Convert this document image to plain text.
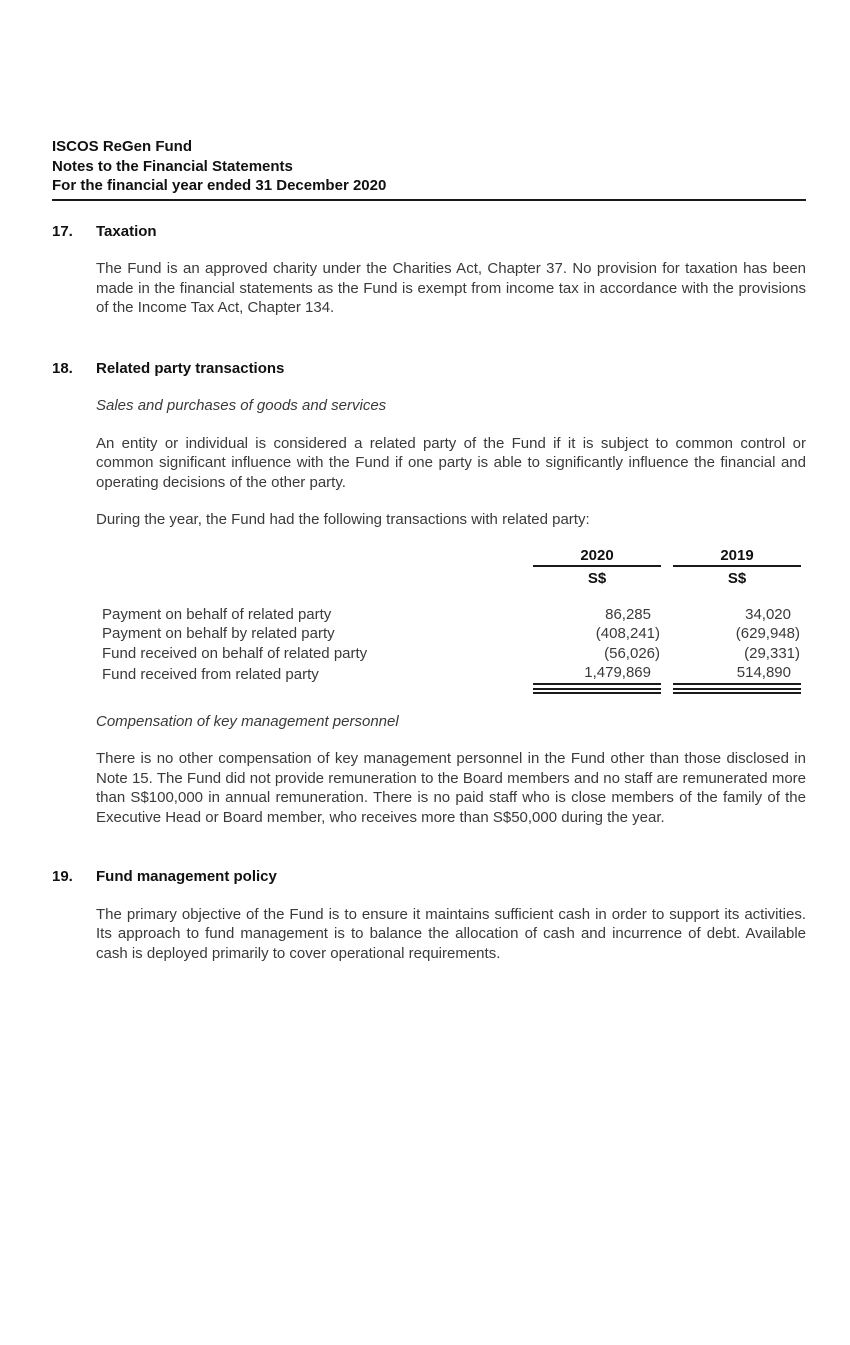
ISCOS ReGen Fund
Notes to the Financial Statements
For the financial year ended 31 December 2020
17.	Taxation

The Fund is an approved charity under the Charities Act, Chapter 37. No provision for taxation has been made in the financial statements as the Fund is exempt from income tax in accordance with the provisions of the Income Tax Act, Chapter 134.

18.	Related party transactions

Sales and purchases of goods and services

An entity or individual is considered a related party of the Fund if it is subject to common control or common significant influence with the Fund if one party is able to significantly influence the financial and operating decisions of the other party.

During the year, the Fund had the following transactions with related party:

2020	2019
S$	S$
Payment on behalf of related party	86,285	34,020
Payment on behalf by related party	(408,241)	(629,948)
Fund received on behalf of related party	(56,026)	(29,331)
Fund received from related party	1,479,869	514,890

Compensation of key management personnel

There is no other compensation of key management personnel in the Fund other than those disclosed in Note 15. The Fund did not provide remuneration to the Board members and no staff are remunerated more than S$100,000 in annual remuneration. There is no paid staff who is close members of the family of the Executive Head or Board member, who receives more than S$50,000 during the year.

19.	Fund management policy

The primary objective of the Fund is to ensure it maintains sufficient cash in order to support its activities. Its approach to fund management is to balance the allocation of cash and incurrence of debt. Available cash is deployed primarily to cover operational requirements.
